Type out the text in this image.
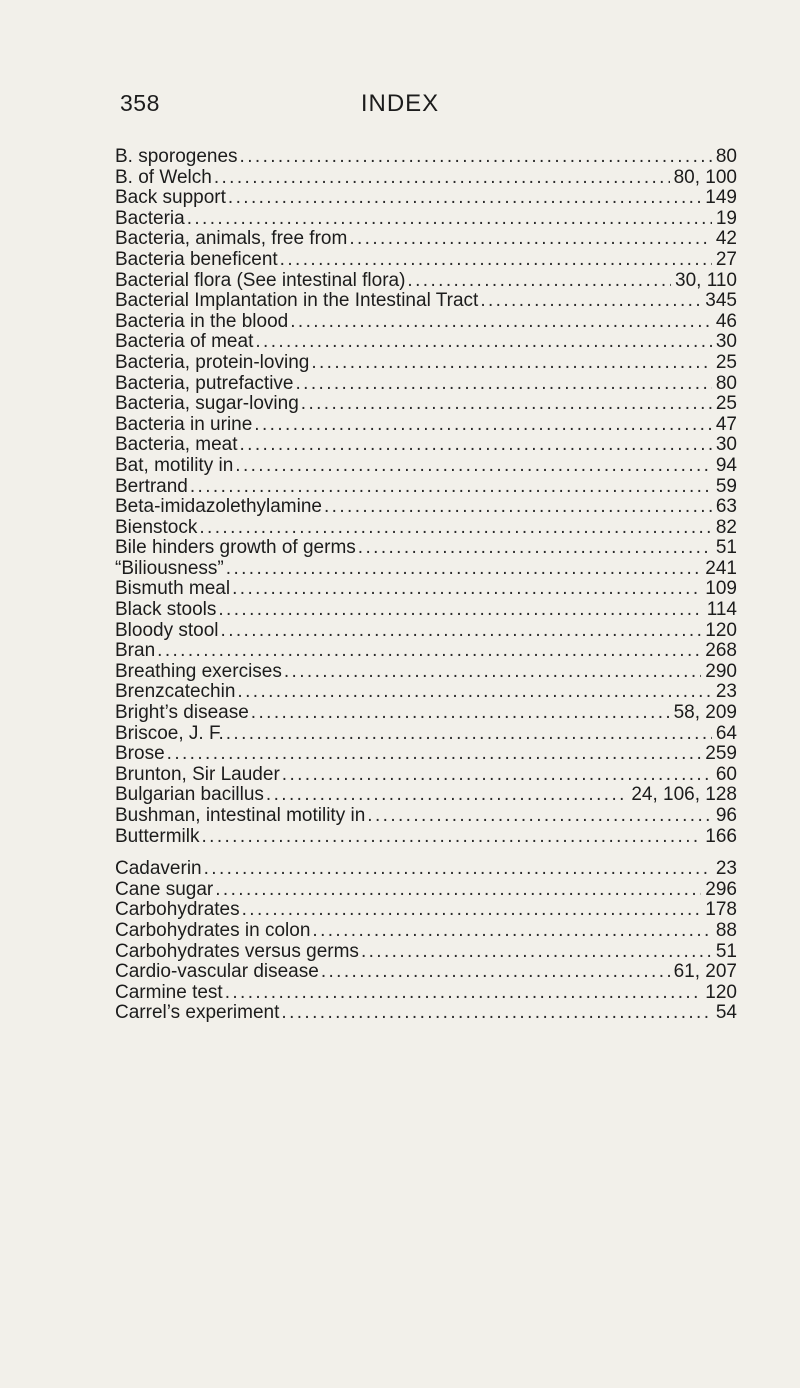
358	INDEX
B. sporogenes .....	80
B. of Welch .....	80, 100
Back support .....	149
Bacteria .....	19
Bacteria, animals, free from .....	42
Bacteria beneficent .....	27
Bacterial flora (See intestinal flora) .....	30, 110
Bacterial Implantation in the Intestinal Tract .....	345
Bacteria in the blood .....	46
Bacteria of meat .....	30
Bacteria, protein-loving .....	25
Bacteria, putrefactive .....	80
Bacteria, sugar-loving .....	25
Bacteria in urine .....	47
Bacteria, meat .....	30
Bat, motility in .....	94
Bertrand .....	59
Beta-imidazolethylamine .....	63
Bienstock .....	82
Bile hinders growth of germs .....	51
“Biliousness” .....	241
Bismuth meal .....	109
Black stools .....	114
Bloody stool .....	120
Bran .....	268
Breathing exercises .....	290
Brenzcatechin .....	23
Bright’s disease .....	58, 209
Briscoe, J. F. .....	64
Brose .....	259
Brunton, Sir Lauder .....	60
Bulgarian bacillus .....	24, 106, 128
Bushman, intestinal motility in .....	96
Buttermilk .....	166
Cadaverin .....	23
Cane sugar .....	296
Carbohydrates .....	178
Carbohydrates in colon .....	88
Carbohydrates versus germs .....	51
Cardio-vascular disease .....	61, 207
Carmine test .....	120
Carrel’s experiment .....	54
